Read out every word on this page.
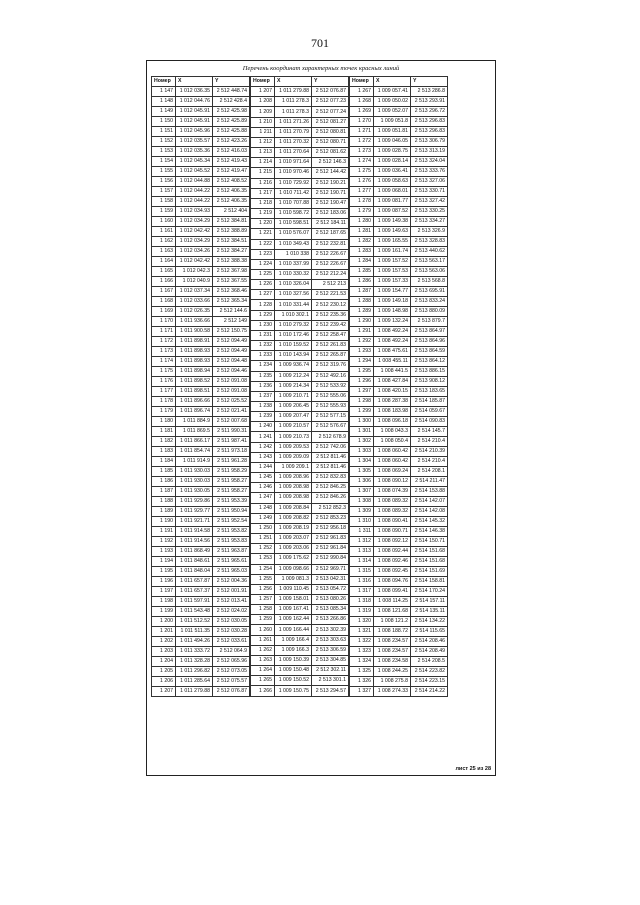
701
Перечень координат характерных точек красных линий
Номер	X	Y
1 147	1 012 036.35	2 512 448.74
1 148	1 012 044.76	2 512 428.4
1 149	1 012 045.91	2 512 425.98
1 150	1 012 045.91	2 512 425.89
1 151	1 012 045.96	2 512 425.88
1 152	1 012 035.57	2 512 423.26
1 153	1 012 035.36	2 512 416.03
1 154	1 012 045.34	2 512 419.43
1 155	1 012 045.52	2 512 419.47
1 156	1 012 044.88	2 512 408.52
1 157	1 012 044.22	2 512 406.35
1 158	1 012 044.22	2 512 406.35
1 159	1 012 034.93	2 512 404
1 160	1 012 034.29	2 512 384.81
1 161	1 012 042.42	2 512 388.89
1 162	1 012 034.29	2 512 384.51
1 163	1 012 034.26	2 512 384.27
1 164	1 012 042.42	2 512 388.38
1 165	1 012 042.3	2 512 367.98
1 166	1 012 040.9	2 512 367.55
1 167	1 012 037.34	2 512 368.46
1 168	1 012 033.66	2 512 365.34
1 169	1 012 026.35	2 512 144.6
1 170	1 011 936.66	2 512 149
1 171	1 011 900.58	2 512 150.75
1 172	1 011 898.91	2 512 094.49
1 173	1 011 898.93	2 512 094.49
1 174	1 011 898.93	2 512 094.48
1 175	1 011 898.94	2 512 094.46
1 176	1 011 898.52	2 512 091.08
1 177	1 011 898.51	2 512 091.08
1 178	1 011 896.66	2 512 025.52
1 179	1 011 896.74	2 512 021.41
1 180	1 011 884.9	2 512 007.68
1 181	1 011 869.5	2 511 990.31
1 182	1 011 866.17	2 511 987.41
1 183	1 011 854.74	2 511 973.18
1 184	1 011 914.9	2 511 961.28
1 185	1 011 930.03	2 511 958.29
1 186	1 011 930.03	2 511 958.27
1 187	1 011 930.05	2 511 958.27
1 188	1 011 929.86	2 511 953.39
1 189	1 011 929.77	2 511 950.94
1 190	1 011 921.71	2 511 952.54
1 191	1 011 914.58	2 511 953.82
1 192	1 011 914.56	2 511 953.83
1 193	1 011 868.49	2 511 963.87
1 194	1 011 848.61	2 511 965.61
1 195	1 011 848.04	2 511 965.03
1 196	1 011 657.87	2 512 004.36
1 197	1 011 657.37	2 512 001.91
1 198	1 011 597.91	2 512 013.41
1 199	1 011 543.48	2 512 024.02
1 200	1 011 512.52	2 512 030.05
1 201	1 011 511.35	2 512 030.28
1 202	1 011 494.26	2 512 033.61
1 203	1 011 333.72	2 512 064.9
1 204	1 011 328.28	2 512 065.96
1 205	1 011 296.82	2 512 073.05
1 206	1 011 285.64	2 512 075.57
1 207	1 011 279.88	2 512 076.87
Номер	X	Y
1 207	1 011 279.88	2 512 076.87
1 208	1 011 278.3	2 512 077.23
1 209	1 011 278.3	2 512 077.24
1 210	1 011 271.26	2 512 081.27
1 211	1 011 270.79	2 512 080.81
1 212	1 011 270.32	2 512 080.71
1 213	1 011 270.64	2 512 081.62
1 214	1 010 971.64	2 512 146.3
1 215	1 010 970.46	2 512 144.42
1 216	1 010 729.92	2 512 190.21
1 217	1 010 711.42	2 512 190.71
1 218	1 010 707.88	2 512 190.47
1 219	1 010 598.72	2 512 183.06
1 220	1 010 598.51	2 512 184.11
1 221	1 010 576.07	2 512 187.65
1 222	1 010 349.43	2 512 232.81
1 223	1 010 338	2 512 226.67
1 224	1 010 337.99	2 512 226.67
1 225	1 010 330.32	2 512 212.24
1 226	1 010 326.04	2 512 213
1 227	1 010 327.56	2 512 221.53
1 228	1 010 331.44	2 512 230.12
1 229	1 010 302.1	2 512 235.36
1 230	1 010 279.32	2 512 239.42
1 231	1 010 172.46	2 512 258.47
1 232	1 010 159.52	2 512 261.83
1 233	1 010 143.94	2 512 265.87
1 234	1 009 936.74	2 512 319.76
1 235	1 009 212.24	2 512 492.16
1 236	1 009 214.34	2 512 533.92
1 237	1 009 210.71	2 512 555.06
1 238	1 009 206.45	2 512 555.93
1 239	1 009 207.47	2 512 577.15
1 240	1 009 210.57	2 512 576.67
1 241	1 009 210.73	2 512 678.9
1 242	1 009 209.53	2 512 742.06
1 243	1 009 209.09	2 512 811.46
1 244	1 009 209.1	2 512 811.46
1 245	1 009 208.96	2 512 832.83
1 246	1 009 208.98	2 512 846.25
1 247	1 009 208.98	2 512 846.26
1 248	1 009 208.84	2 512 852.3
1 249	1 009 208.82	2 512 853.23
1 250	1 009 208.19	2 512 956.18
1 251	1 009 203.07	2 512 961.83
1 252	1 009 203.06	2 512 961.84
1 253	1 009 175.62	2 512 990.84
1 254	1 009 098.66	2 512 969.71
1 255	1 009 081.3	2 513 042.31
1 256	1 009 110.45	2 513 054.72
1 257	1 009 158.01	2 513 080.26
1 258	1 009 167.41	2 513 085.34
1 259	1 009 162.44	2 513 266.86
1 260	1 009 166.44	2 513 302.39
1 261	1 009 166.4	2 513 303.63
1 262	1 009 166.3	2 513 306.59
1 263	1 009 150.39	2 513 304.85
1 264	1 009 150.48	2 512 302.11
1 265	1 009 150.52	2 513 301.1
1 266	1 009 150.75	2 513 294.57
Номер	X	Y
1 267	1 009 057.41	2 513 286.8
1 268	1 009 050.02	2 513 293.91
1 269	1 009 052.07	2 513 296.72
1 270	1 009 051.8	2 513 296.83
1 271	1 009 051.81	2 513 296.83
1 272	1 009 046.05	2 513 306.79
1 273	1 009 028.75	2 513 313.19
1 274	1 009 028.14	2 513 324.04
1 275	1 009 036.41	2 513 333.76
1 276	1 009 058.63	2 513 327.06
1 277	1 009 068.01	2 513 330.71
1 278	1 009 081.77	2 513 327.42
1 279	1 009 087.52	2 513 330.25
1 280	1 009 149.38	2 513 334.27
1 281	1 009 149.63	2 513 326.9
1 282	1 009 165.55	2 513 328.83
1 283	1 009 161.74	2 513 440.62
1 284	1 009 157.52	2 513 563.17
1 285	1 009 157.53	2 513 563.06
1 286	1 009 157.33	2 513 568.8
1 287	1 009 154.77	2 513 695.91
1 288	1 009 149.18	2 513 833.24
1 289	1 009 148.98	2 513 880.09
1 290	1 009 132.24	2 513 879.7
1 291	1 008 492.24	2 513 864.97
1 292	1 008 492.24	2 513 864.96
1 293	1 008 475.61	2 513 864.59
1 294	1 008 455.11	2 513 864.12
1 295	1 008 441.5	2 513 886.15
1 296	1 008 427.84	2 513 908.12
1 297	1 008 420.15	2 513 183.65
1 298	1 008 287.38	2 514 185.87
1 299	1 008 183.98	2 514 059.67
1 300	1 008 096.18	2 514 090.83
1 301	1 008 043.3	2 514 145.7
1 302	1 008 050.4	2 514 210.4
1 303	1 008 060.42	2 514 210.39
1 304	1 008 060.42	2 514 210.4
1 305	1 008 069.24	2 514 208.1
1 306	1 008 090.12	2 514 211.47
1 307	1 008 074.39	2 514 153.88
1 308	1 008 089.32	2 514 142.07
1 309	1 008 089.32	2 514 142.08
1 310	1 008 090.41	2 514 145.32
1 311	1 008 090.71	2 514 146.38
1 312	1 008 092.12	2 514 150.71
1 313	1 008 092.44	2 514 151.68
1 314	1 008 092.46	2 514 151.68
1 315	1 008 092.45	2 514 151.69
1 316	1 008 094.76	2 514 158.81
1 317	1 008 099.41	2 514 170.24
1 318	1 008 114.25	2 514 157.11
1 319	1 008 121.68	2 514 135.11
1 320	1 008 121.2	2 514 134.22
1 321	1 008 188.72	2 514 115.65
1 322	1 008 234.57	2 514 208.46
1 323	1 008 234.57	2 514 208.49
1 324	1 008 234.58	2 514 208.5
1 325	1 008 244.25	2 514 223.82
1 326	1 008 275.8	2 514 223.15
1 327	1 008 274.33	2 514 214.22
лист 25 из 28
